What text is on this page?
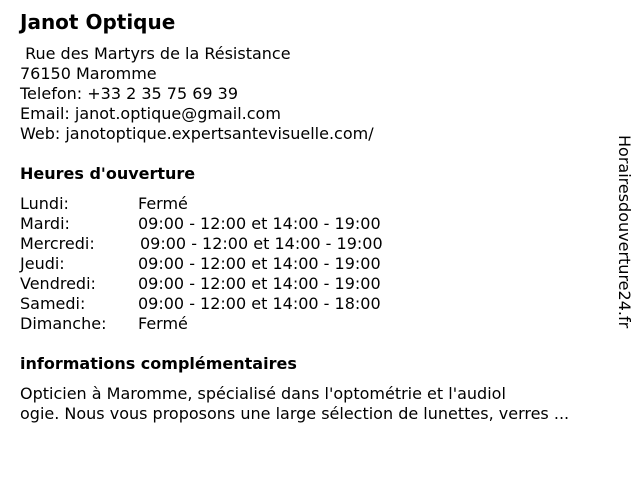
Janot Optique
Rue des Martyrs de la Résistance
76150 Maromme
Telefon: +33 2 35 75 69 39
Email: janot.optique@gmail.com
Web: janotoptique.expertsantevisuelle.com/
Heures d'ouverture
Lundi:	Fermé
Mardi:	09:00 - 12:00 et 14:00 - 19:00
Mercredi:	09:00 - 12:00 et 14:00 - 19:00
Jeudi:	09:00 - 12:00 et 14:00 - 19:00
Vendredi:	09:00 - 12:00 et 14:00 - 19:00
Samedi:	09:00 - 12:00 et 14:00 - 18:00
Dimanche: Fermé
informations complémentaires
Opticien à Maromme, spécialisé dans l'optométrie et l'audiol
ogie. Nous vous proposons une large sélection de lunettes, verres ...
Horairesdouverture24.fr
